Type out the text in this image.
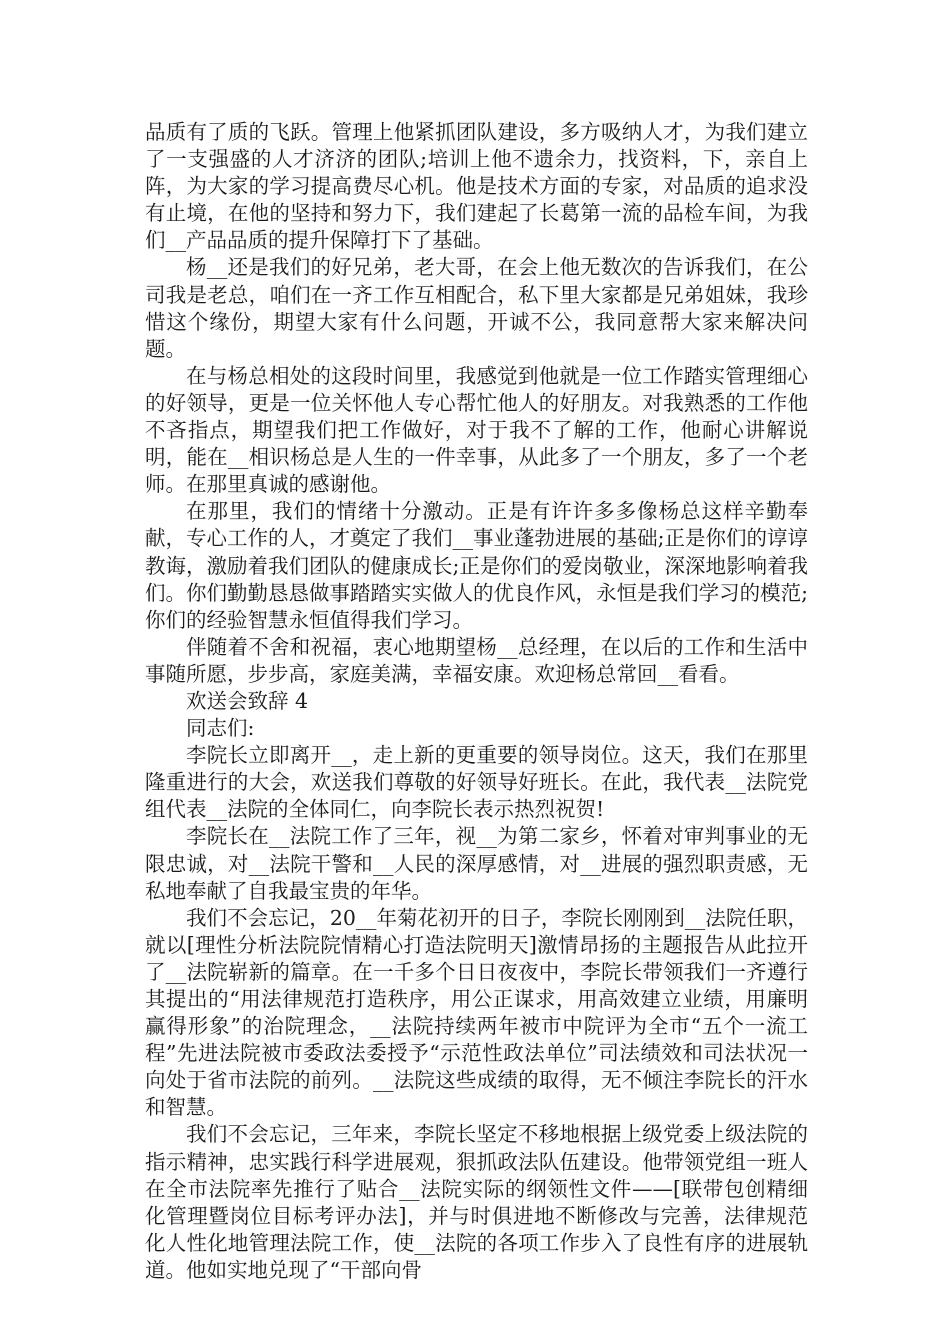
品质有了质的飞跃。管理上他紧抓团队建设，多方吸纳人才，为我们建立了一支强盛的人才济济的团队;培训上他不遗余力，找资料，下，亲自上阵，为大家的学习提高费尽心机。他是技术方面的专家，对品质的追求没有止境，在他的坚持和努力下，我们建起了长葛第一流的品检车间，为我们__产品品质的提升保障打下了基础。

杨__还是我们的好兄弟，老大哥，在会上他无数次的告诉我们，在公司我是老总，咱们在一齐工作互相配合，私下里大家都是兄弟姐妹，我珍惜这个缘份，期望大家有什么问题，开诚不公，我同意帮大家来解决问题。

在与杨总相处的这段时间里，我感觉到他就是一位工作踏实管理细心的好领导，更是一位关怀他人专心帮忙他人的好朋友。对我熟悉的工作他不吝指点，期望我们把工作做好，对于我不了解的工作，他耐心讲解说明，能在__相识杨总是人生的一件幸事，从此多了一个朋友，多了一个老师。在那里真诚的感谢他。

在那里，我们的情绪十分激动。正是有许许多多像杨总这样辛勤奉献，专心工作的人，才奠定了我们__事业蓬勃进展的基础;正是你们的谆谆教诲，激励着我们团队的健康成长;正是你们的爱岗敬业，深深地影响着我们。你们勤勤恳恳做事踏踏实实做人的优良作风，永恒是我们学习的模范;你们的经验智慧永恒值得我们学习。

伴随着不舍和祝福，衷心地期望杨__总经理，在以后的工作和生活中事随所愿，步步高，家庭美满，幸福安康。欢迎杨总常回__看看。

欢送会致辞 4

同志们:

李院长立即离开__，走上新的更重要的领导岗位。这天，我们在那里隆重进行的大会，欢送我们尊敬的好领导好班长。在此，我代表__法院党组代表__法院的全体同仁，向李院长表示热烈祝贺!

李院长在__法院工作了三年，视__为第二家乡，怀着对审判事业的无限忠诚，对__法院干警和__人民的深厚感情，对__进展的强烈职责感，无私地奉献了自我最宝贵的年华。

我们不会忘记，20__年菊花初开的日子，李院长刚刚到__法院任职，就以[理性分析法院院情精心打造法院明天]激情昂扬的主题报告从此拉开了__法院崭新的篇章。在一千多个日日夜夜中，李院长带领我们一齐遵行其提出的“用法律规范打造秩序，用公正谋求，用高效建立业绩，用廉明赢得形象”的治院理念，__法院持续两年被市中院评为全市“五个一流工程”先进法院被市委政法委授予“示范性政法单位”司法绩效和司法状况一向处于省市法院的前列。__法院这些成绩的取得，无不倾注李院长的汗水和智慧。

我们不会忘记，三年来，李院长坚定不移地根据上级党委上级法院的指示精神，忠实践行科学进展观，狠抓政法队伍建设。他带领党组一班人在全市法院率先推行了贴合__法院实际的纲领性文件——[联带包创精细化管理暨岗位目标考评办法]，并与时俱进地不断修改与完善，法律规范化人性化地管理法院工作，使__法院的各项工作步入了良性有序的进展轨道。他如实地兑现了“干部向骨
